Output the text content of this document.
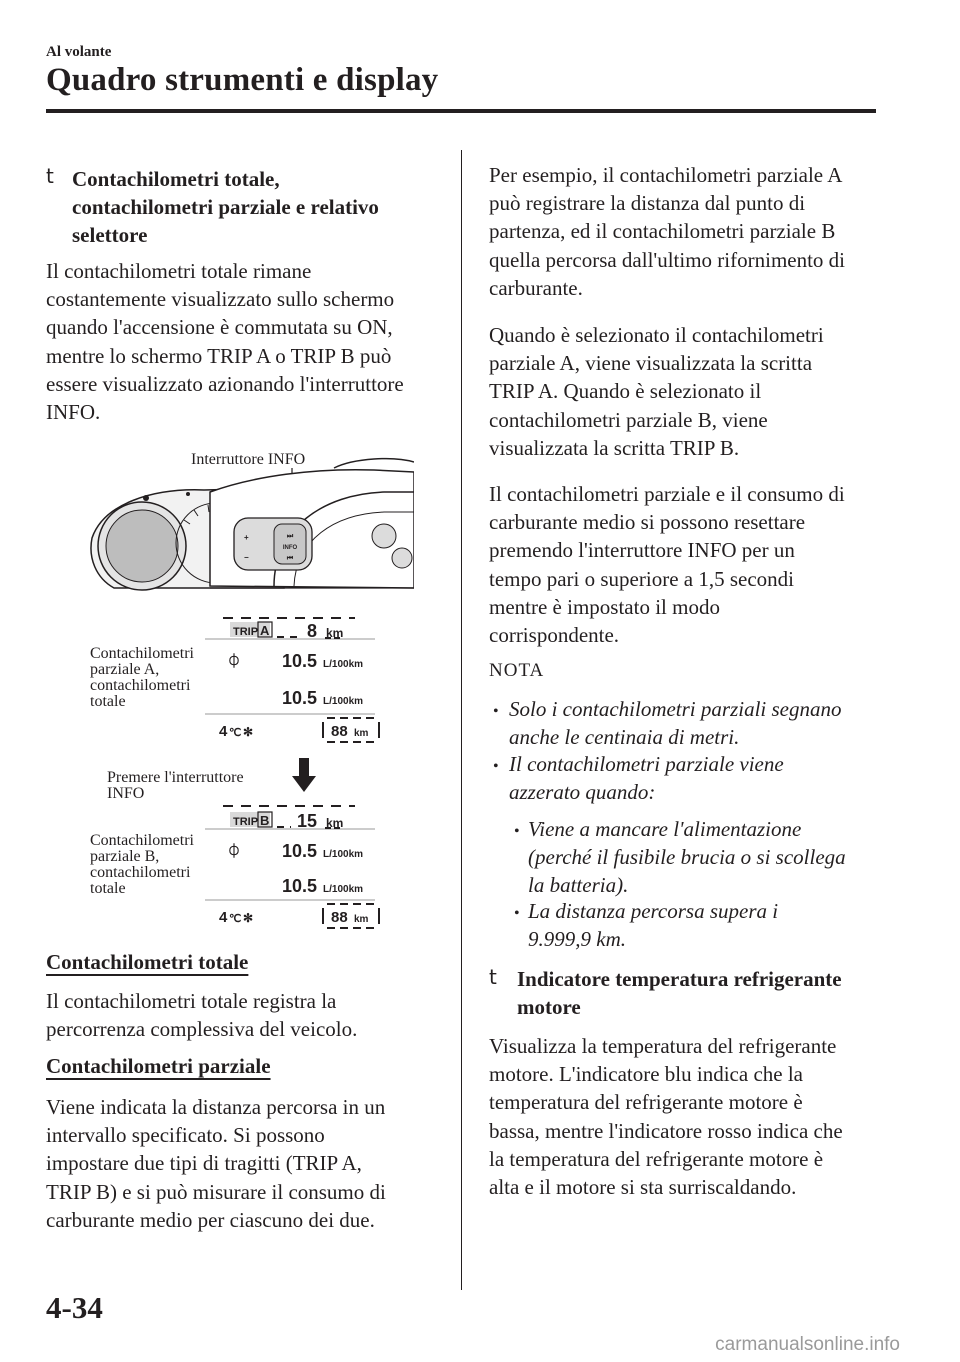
Al volante
Quadro strumenti e display
t Contachilometri totale,
contachilometri parziale e relativo
selettore
Il contachilometri totale rimane
costantemente visualizzato sullo schermo
quando l'accensione è commutata su ON,
mentre lo schermo TRIP A o TRIP B può
essere visualizzato azionando l'interruttore
INFO.
Interruttore INFO
⏭
INFO
⏮
+
−
Contachilometri
parziale A,
contachilometri
totale
TRIP A 8 km
⏀ 10.5 L/100km
10.5 L/100km
4 ℃ ✻	88 km
Premere l'interruttore
INFO
Contachilometri
parziale B,
contachilometri
totale
TRIP B 15 km
⏀ 10.5 L/100km
10.5 L/100km
4 ℃ ✻	88 km
Contachilometri totale
Il contachilometri totale registra la
percorrenza complessiva del veicolo.
Contachilometri parziale
Viene indicata la distanza percorsa in un
intervallo specificato. Si possono
impostare due tipi di tragitti (TRIP A,
TRIP B) e si può misurare il consumo di
carburante medio per ciascuno dei due.
Per esempio, il contachilometri parziale A
può registrare la distanza dal punto di
partenza, ed il contachilometri parziale B
quella percorsa dall'ultimo rifornimento di
carburante.
Quando è selezionato il contachilometri
parziale A, viene visualizzata la scritta
TRIP A. Quando è selezionato il
contachilometri parziale B, viene
visualizzata la scritta TRIP B.
Il contachilometri parziale e il consumo di
carburante medio si possono resettare
premendo l'interruttore INFO per un
tempo pari o superiore a 1,5 secondi
mentre è impostato il modo
corrispondente.
NOTA
• Solo i contachilometri parziali segnano
anche le centinaia di metri.
• Il contachilometri parziale viene
azzerato quando:
• Viene a mancare l'alimentazione
(perché il fusibile brucia o si scollega
la batteria).
• La distanza percorsa supera i
9.999,9 km.
t Indicatore temperatura refrigerante
motore
Visualizza la temperatura del refrigerante
motore. L'indicatore blu indica che la
temperatura del refrigerante motore è
bassa, mentre l'indicatore rosso indica che
la temperatura del refrigerante motore è
alta e il motore si sta surriscaldando.
4-34
carmanualsonline.info
